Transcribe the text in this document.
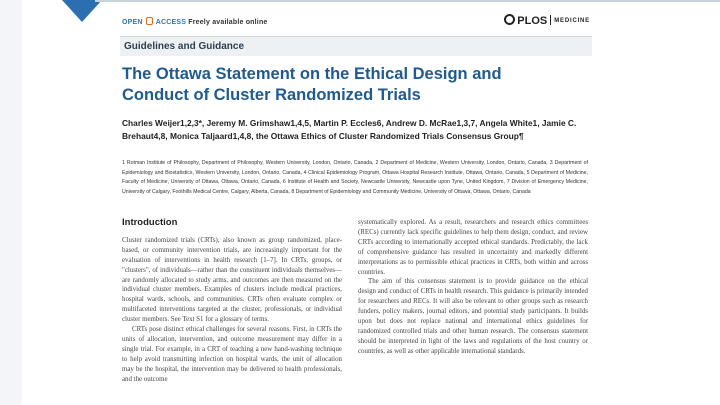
OPEN ACCESS Freely available online	PLOS MEDICINE
Guidelines and Guidance
The Ottawa Statement on the Ethical Design and Conduct of Cluster Randomized Trials
Charles Weijer1,2,3*, Jeremy M. Grimshaw1,4,5, Martin P. Eccles6, Andrew D. McRae1,3,7, Angela White1, Jamie C. Brehaut4,8, Monica Taljaard1,4,8, the Ottawa Ethics of Cluster Randomized Trials Consensus Group¶
1 Rotman Institute of Philosophy, Department of Philosophy, Western University, London, Ontario, Canada, 2 Department of Medicine, Western University, London, Ontario, Canada, 3 Department of Epidemiology and Biostatistics, Western University, London, Ontario, Canada, 4 Clinical Epidemiology Program, Ottawa Hospital Research Institute, Ottawa, Ontario, Canada, 5 Department of Medicine, Faculty of Medicine, University of Ottawa, Ottawa, Ontario, Canada, 6 Institute of Health and Society, Newcastle University, Newcastle upon Tyne, United Kingdom, 7 Division of Emergency Medicine, University of Calgary, Foothills Medical Centre, Calgary, Alberta, Canada, 8 Department of Epidemiology and Community Medicine, University of Ottawa, Ottawa, Ontario, Canada
Introduction

Cluster randomized trials (CRTs), also known as group randomized, place-based, or community intervention trials, are increasingly important for the evaluation of interventions in health research [1–7]. In CRTs, groups, or "clusters", of individuals—rather than the constituent individuals themselves—are randomly allocated to study arms, and outcomes are then measured on the individual cluster members. Examples of clusters include medical practices, hospital wards, schools, and communities. CRTs often evaluate complex or multifaceted interventions targeted at the cluster, professionals, or individual cluster members. See Text S1 for a glossary of terms.

CRTs pose distinct ethical challenges for several reasons. First, in CRTs the units of allocation, intervention, and outcome measurement may differ in a single trial. For example, in a CRT of teaching a new hand-washing technique to help avoid transmitting infection on hospital wards, the unit of allocation may be the hospital, the intervention may be delivered to health professionals, and the outcome

systematically explored. As a result, researchers and research ethics committees (RECs) currently lack specific guidelines to help them design, conduct, and review CRTs according to internationally accepted ethical standards. Predictably, the lack of comprehensive guidance has resulted in uncertainty and markedly different interpretations as to permissible ethical practices in CRTs, both within and across countries.

The aim of this consensus statement is to provide guidance on the ethical design and conduct of CRTs in health research. This guidance is primarily intended for researchers and RECs. It will also be relevant to other groups such as research funders, policy makers, journal editors, and potential study participants. It builds upon but does not replace national and international ethics guidelines for randomized controlled trials and other human research. The consensus statement should be interpreted in light of the laws and regulations of the host country or countries, as well as other applicable international standards.
